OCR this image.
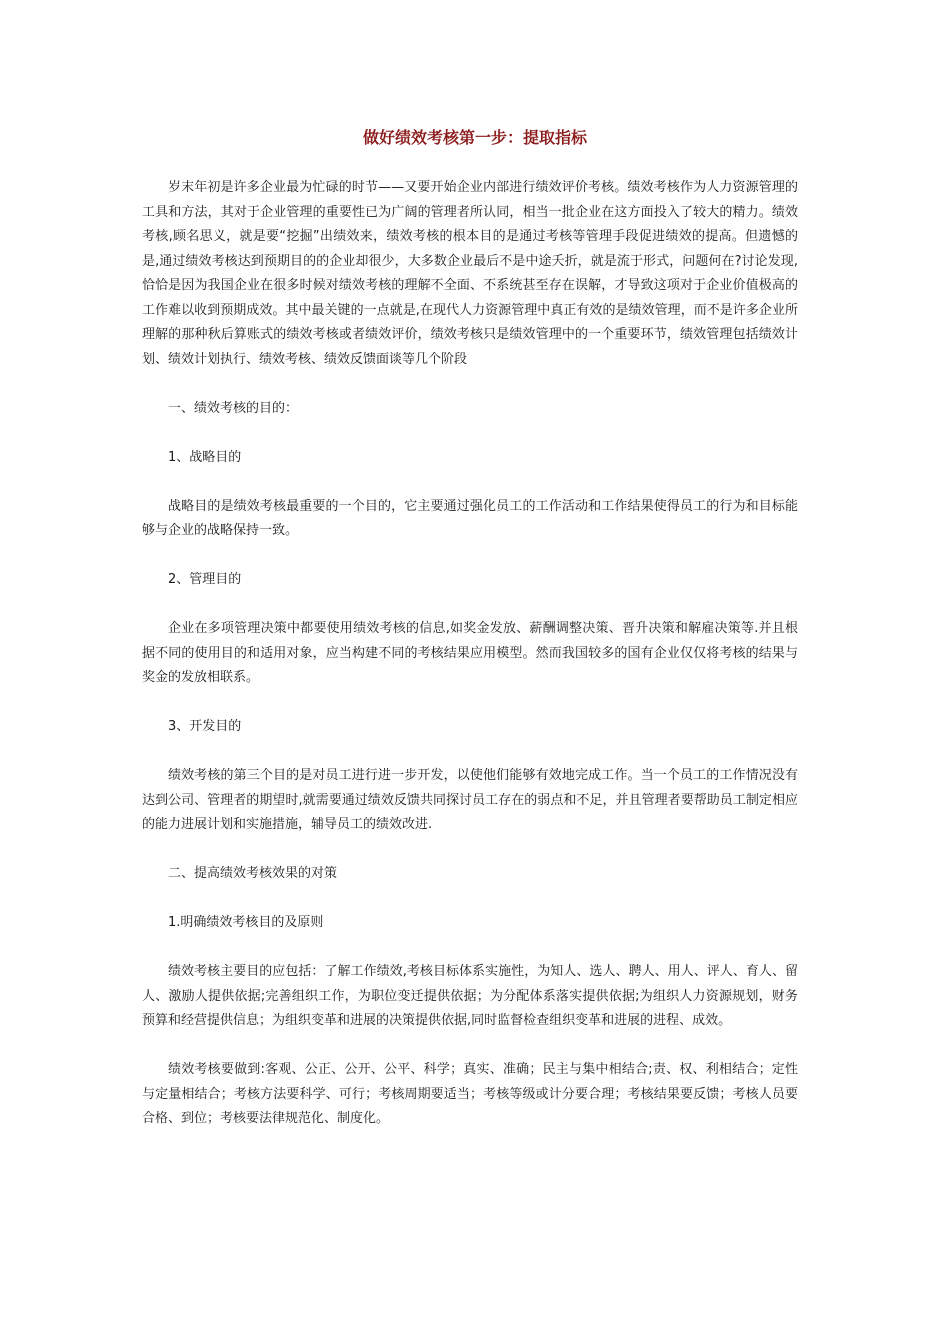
做好绩效考核第一步：提取指标

岁末年初是许多企业最为忙碌的时节——又要开始企业内部进行绩效评价考核。绩效考核作为人力资源管理的工具和方法，其对于企业管理的重要性已为广阔的管理者所认同，相当一批企业在这方面投入了较大的精力。绩效考核,顾名思义，就是要“挖掘”出绩效来，绩效考核的根本目的是通过考核等管理手段促进绩效的提高。但遗憾的是,通过绩效考核达到预期目的的企业却很少，大多数企业最后不是中途夭折，就是流于形式，问题何在?讨论发现,恰恰是因为我国企业在很多时候对绩效考核的理解不全面、不系统甚至存在误解，才导致这项对于企业价值极高的工作难以收到预期成效。其中最关键的一点就是,在现代人力资源管理中真正有效的是绩效管理，而不是许多企业所理解的那种秋后算账式的绩效考核或者绩效评价，绩效考核只是绩效管理中的一个重要环节，绩效管理包括绩效计划、绩效计划执行、绩效考核、绩效反馈面谈等几个阶段

一、绩效考核的目的：

1、战略目的

战略目的是绩效考核最重要的一个目的，它主要通过强化员工的工作活动和工作结果使得员工的行为和目标能够与企业的战略保持一致。

2、管理目的

企业在多项管理决策中都要使用绩效考核的信息,如奖金发放、薪酬调整决策、晋升决策和解雇决策等.并且根据不同的使用目的和适用对象，应当构建不同的考核结果应用模型。然而我国较多的国有企业仅仅将考核的结果与奖金的发放相联系。

3、开发目的

绩效考核的第三个目的是对员工进行进一步开发，以使他们能够有效地完成工作。当一个员工的工作情况没有达到公司、管理者的期望时,就需要通过绩效反馈共同探讨员工存在的弱点和不足，并且管理者要帮助员工制定相应的能力进展计划和实施措施，辅导员工的绩效改进.

二、提高绩效考核效果的对策

1.明确绩效考核目的及原则

绩效考核主要目的应包括：了解工作绩效,考核目标体系实施性，为知人、选人、聘人、用人、评人、育人、留人、激励人提供依据;完善组织工作，为职位变迁提供依据；为分配体系落实提供依据;为组织人力资源规划，财务预算和经营提供信息；为组织变革和进展的决策提供依据,同时监督检查组织变革和进展的进程、成效。

绩效考核要做到:客观、公正、公开、公平、科学；真实、准确；民主与集中相结合;责、权、利相结合；定性与定量相结合；考核方法要科学、可行；考核周期要适当；考核等级或计分要合理；考核结果要反馈；考核人员要合格、到位；考核要法律规范化、制度化。
